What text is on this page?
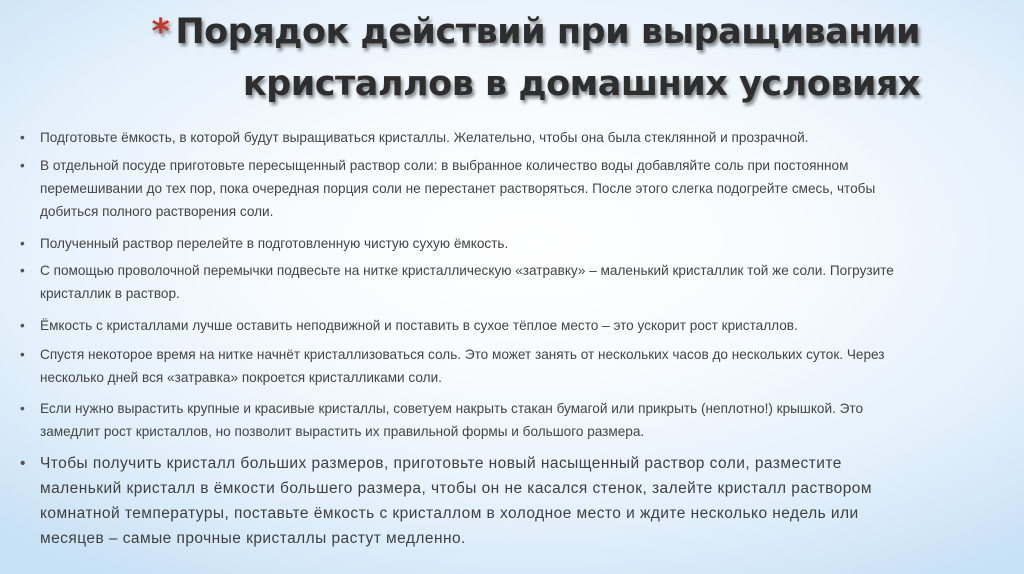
* Порядок действий при выращивании кристаллов в домашних условиях
• Подготовьте ёмкость, в которой будут выращиваться кристаллы. Желательно, чтобы она была стеклянной и прозрачной.
• В отдельной посуде приготовьте пересыщенный раствор соли: в выбранное количество воды добавляйте соль при постоянном перемешивании до тех пор, пока очередная порция соли не перестанет растворяться. После этого слегка подогрейте смесь, чтобы добиться полного растворения соли.
• Полученный раствор перелейте в подготовленную чистую сухую ёмкость.
• С помощью проволочной перемычки подвесьте на нитке кристаллическую «затравку» – маленький кристаллик той же соли. Погрузите кристаллик в раствор.
• Ёмкость с кристаллами лучше оставить неподвижной и поставить в сухое тёплое место – это ускорит рост кристаллов.
• Спустя некоторое время на нитке начнёт кристаллизоваться соль. Это может занять от нескольких часов до нескольких суток. Через несколько дней вся «затравка» покроется кристалликами соли.
• Если нужно вырастить крупные и красивые кристаллы, советуем накрыть стакан бумагой или прикрыть (неплотно!) крышкой. Это замедлит рост кристаллов, но позволит вырастить их правильной формы и большого размера.
• Чтобы получить кристалл больших размеров, приготовьте новый насыщенный раствор соли, разместите маленький кристалл в ёмкости большего размера, чтобы он не касался стенок, залейте кристалл раствором комнатной температуры, поставьте ёмкость с кристаллом в холодное место и ждите несколько недель или месяцев – самые прочные кристаллы растут медленно.
